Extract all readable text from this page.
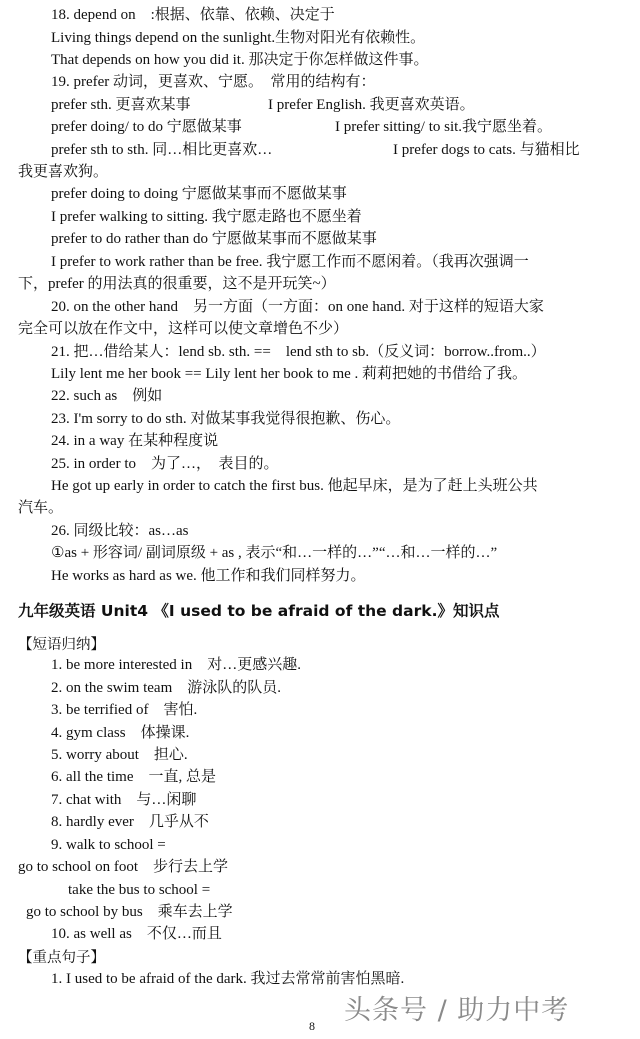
18. depend on　:根据、依靠、依赖、决定于
Living things depend on the sunlight.生物对阳光有依赖性。
That depends on how you did it. 那决定于你怎样做这件事。
19. prefer 动词，更喜欢、宁愿。　常用的结构有：
prefer sth. 更喜欢某事	I prefer English. 我更喜欢英语。
prefer doing/ to do 宁愿做某事	I prefer sitting/ to sit.我宁愿坐着。
prefer sth to sth. 同…相比更喜欢…	I prefer dogs to cats. 与猫相比
我更喜欢狗。
prefer doing to doing 宁愿做某事而不愿做某事
I prefer walking to sitting. 我宁愿走路也不愿坐着
prefer to do rather than do 宁愿做某事而不愿做某事
I prefer to work rather than be free. 我宁愿工作而不愿闲着。（我再次强调一
下，prefer 的用法真的很重要，这不是开玩笑~）
20. on the other hand　另一方面（一方面：on one hand. 对于这样的短语大家
完全可以放在作文中，这样可以使文章增色不少）
21. 把…借给某人：lend sb. sth. ==　lend sth to sb.（反义词：borrow..from..）
Lily lent me her book == Lily lent her book to me . 莉莉把她的书借给了我。
22. such as　例如
23. I'm sorry to do sth. 对做某事我觉得很抱歉、伤心。
24. in a way 在某种程度说
25. in order to　为了…，　表目的。
He got up early in order to catch the first bus. 他起早床，是为了赶上头班公共
汽车。
26. 同级比较：as…as
①as + 形容词/ 副词原级 + as , 表示“和…一样的…”“…和…一样的…”
He works as hard as we. 他工作和我们同样努力。
九年级英语 Unit4 《I used to be afraid of the dark.》知识点
【短语归纳】
1. be more interested in　对…更感兴趣.
2. on the swim team　游泳队的队员.
3. be terrified of　害怕.
4. gym class　体操课.
5. worry about　担心.
6. all the time　一直, 总是
7. chat with　与…闲聊
8. hardly ever　几乎从不
9. walk to school =
go to school on foot　步行去上学
take the bus to school =
go to school by bus　乘车去上学
10. as well as　不仅…而且
【重点句子】
1. I used to be afraid of the dark. 我过去常常前害怕黑暗.
8 头条号 / 助力中考
